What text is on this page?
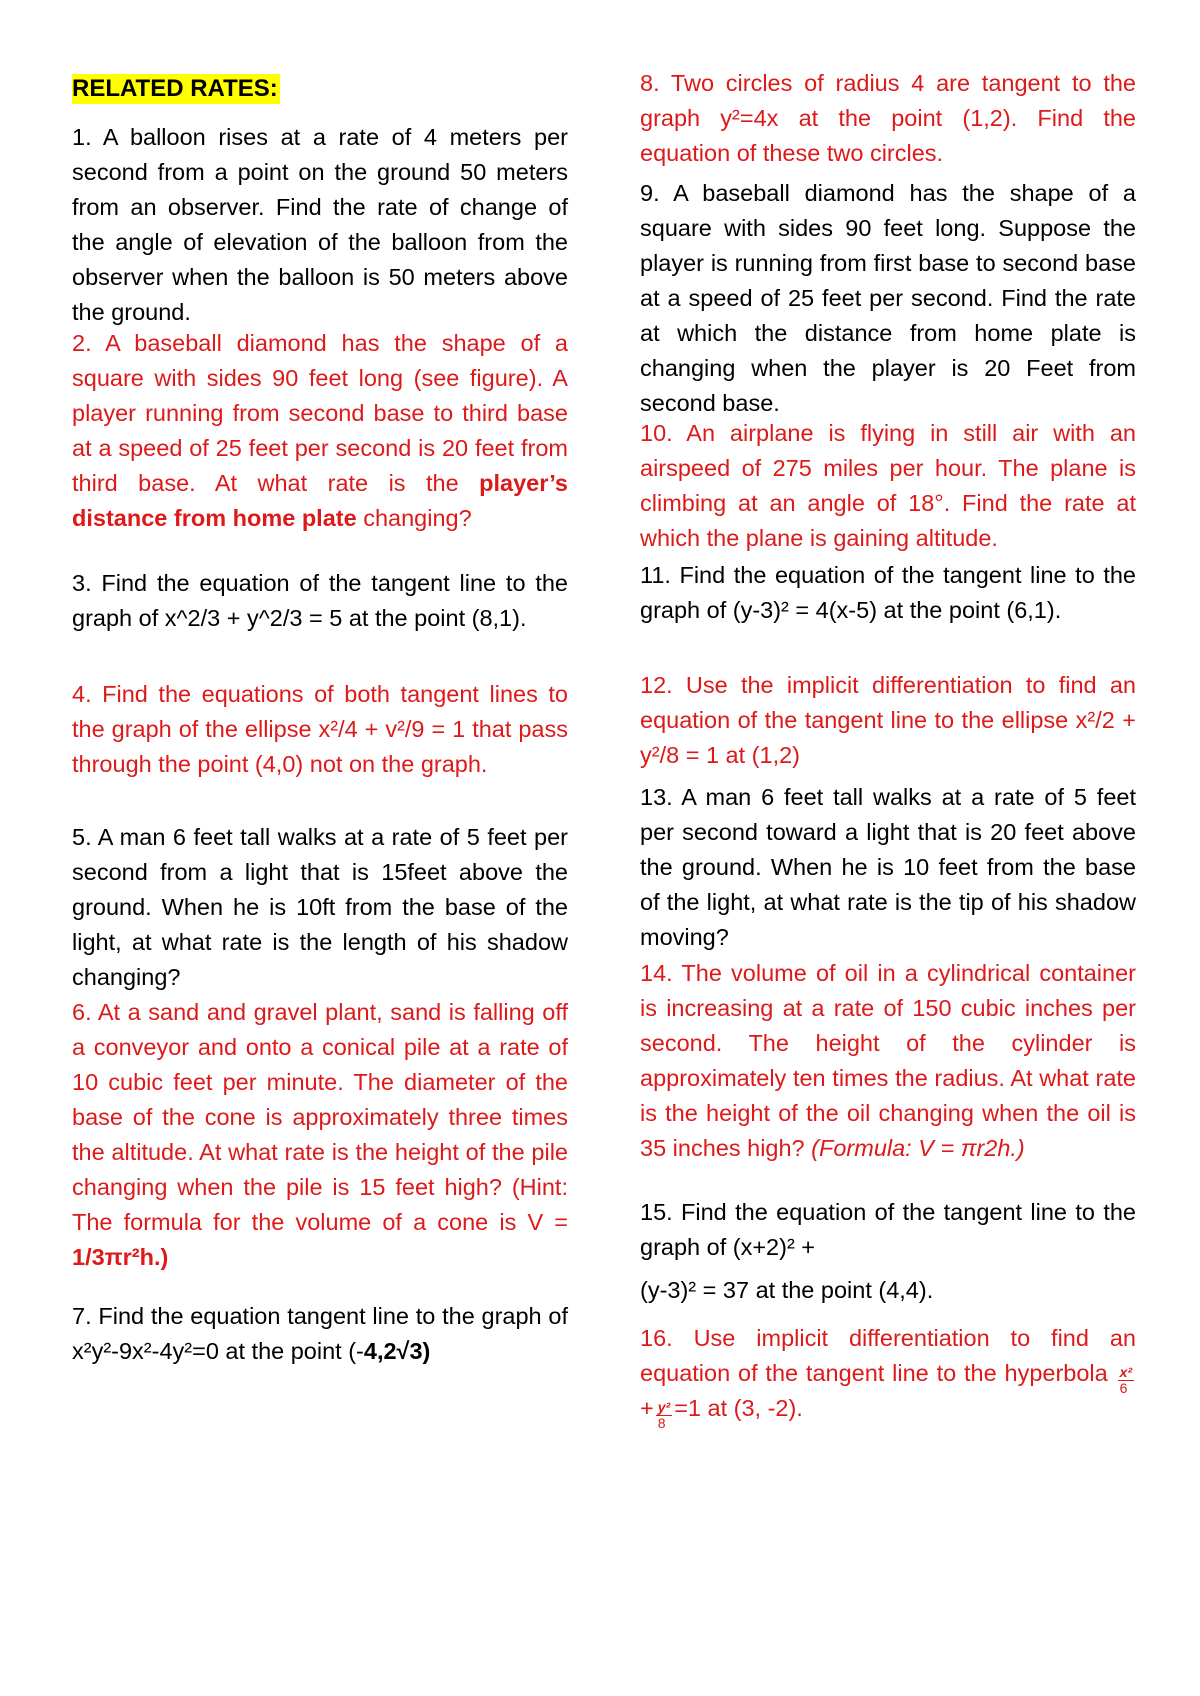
RELATED RATES:

1. A balloon rises at a rate of 4 meters per second from a point on the ground 50 meters from an observer. Find the rate of change of the angle of elevation of the balloon from the observer when the balloon is 50 meters above the ground.

2. A baseball diamond has the shape of a square with sides 90 feet long (see figure). A player running from second base to third base at a speed of 25 feet per second is 20 feet from third base. At what rate is the player’s distance from home plate changing?

3. Find the equation of the tangent line to the graph of x^2/3 + y^2/3 = 5 at the point (8,1).

4. Find the equations of both tangent lines to the graph of the ellipse x²/4 + v²/9 = 1 that pass through the point (4,0) not on the graph.

5. A man 6 feet tall walks at a rate of 5 feet per second from a light that is 15feet above the ground. When he is 10ft from the base of the light, at what rate is the length of his shadow changing?

6. At a sand and gravel plant, sand is falling off a conveyor and onto a conical pile at a rate of 10 cubic feet per minute. The diameter of the base of the cone is approximately three times the altitude. At what rate is the height of the pile changing when the pile is 15 feet high? (Hint: The formula for the volume of a cone is V = 1/3πr²h.)

7. Find the equation tangent line to the graph of x²y²-9x²-4y²=0 at the point (-4,2√3)

8. Two circles of radius 4 are tangent to the graph y²=4x at the point (1,2). Find the equation of these two circles.

9. A baseball diamond has the shape of a square with sides 90 feet long. Suppose the player is running from first base to second base at a speed of 25 feet per second. Find the rate at which the distance from home plate is changing when the player is 20 Feet from second base.

10. An airplane is flying in still air with an airspeed of 275 miles per hour. The plane is climbing at an angle of 18°. Find the rate at which the plane is gaining altitude.

11. Find the equation of the tangent line to the graph of (y-3)² = 4(x-5) at the point (6,1).

12. Use the implicit differentiation to find an equation of the tangent line to the ellipse x²/2 + y²/8 = 1 at (1,2)

13. A man 6 feet tall walks at a rate of 5 feet per second toward a light that is 20 feet above the ground. When he is 10 feet from the base of the light, at what rate is the tip of his shadow moving?

14. The volume of oil in a cylindrical container is increasing at a rate of 150 cubic inches per second. The height of the cylinder is approximately ten times the radius. At what rate is the height of the oil changing when the oil is 35 inches high? (Formula: V = πr2h.)

15. Find the equation of the tangent line to the graph of (x+2)² +

(y-3)² = 37 at the point (4,4).

16. Use implicit differentiation to find an equation of the tangent line to the hyperbola $\frac{\text{x²}}{6}$
+ $\frac{\text{y²}}{8} =1$ at (3, -2).
